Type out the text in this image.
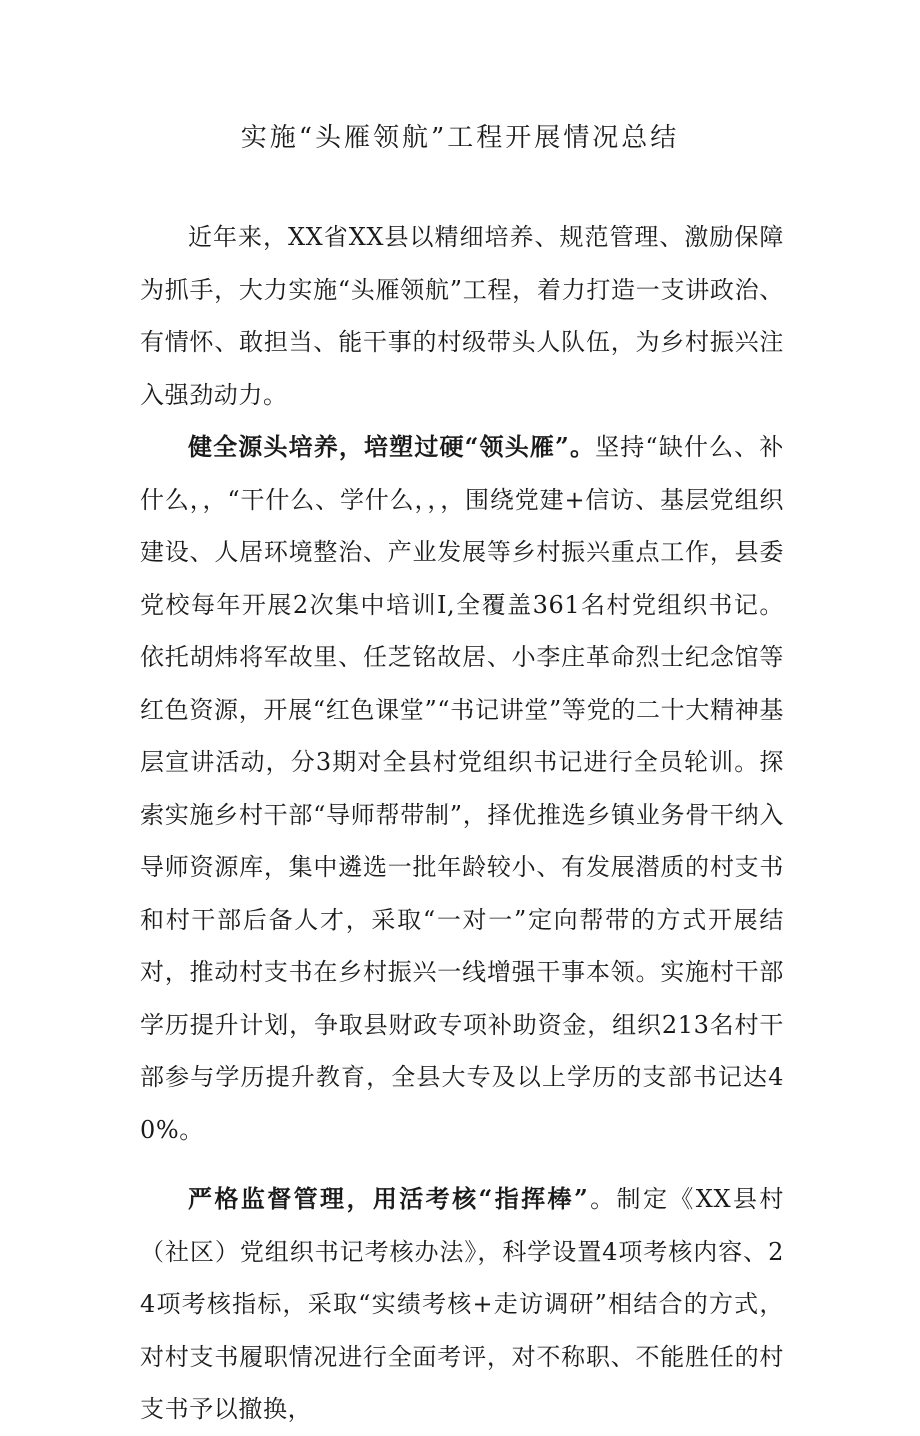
实施“头雁领航”工程开展情况总结

近年来，XX省XX县以精细培养、规范管理、激励保障为抓手，大力实施“头雁领航”工程，着力打造一支讲政治、有情怀、敢担当、能干事的村级带头人队伍，为乡村振兴注入强劲动力。

健全源头培养，培塑过硬“领头雁”。坚持“缺什么、补什么，，“干什么、学什么，，，围绕党建+信访、基层党组织建设、人居环境整治、产业发展等乡村振兴重点工作，县委党校每年开展2次集中培训I,全覆盖361名村党组织书记。依托胡炜将军故里、任芝铭故居、小李庄革命烈士纪念馆等红色资源，开展“红色课堂”“书记讲堂”等党的二十大精神基层宣讲活动，分3期对全县村党组织书记进行全员轮训。探索实施乡村干部“导师帮带制”，择优推选乡镇业务骨干纳入导师资源库，集中遴选一批年龄较小、有发展潜质的村支书和村干部后备人才，采取“一对一”定向帮带的方式开展结对，推动村支书在乡村振兴一线增强干事本领。实施村干部学历提升计划，争取县财政专项补助资金，组织213名村干部参与学历提升教育，全县大专及以上学历的支部书记达40%。

严格监督管理，用活考核“指挥棒”。制定《XX县村（社区）党组织书记考核办法》，科学设置4项考核内容、24项考核指标，采取“实绩考核+走访调研”相结合的方式，对村支书履职情况进行全面考评，对不称职、不能胜任的村支书予以撤换，
